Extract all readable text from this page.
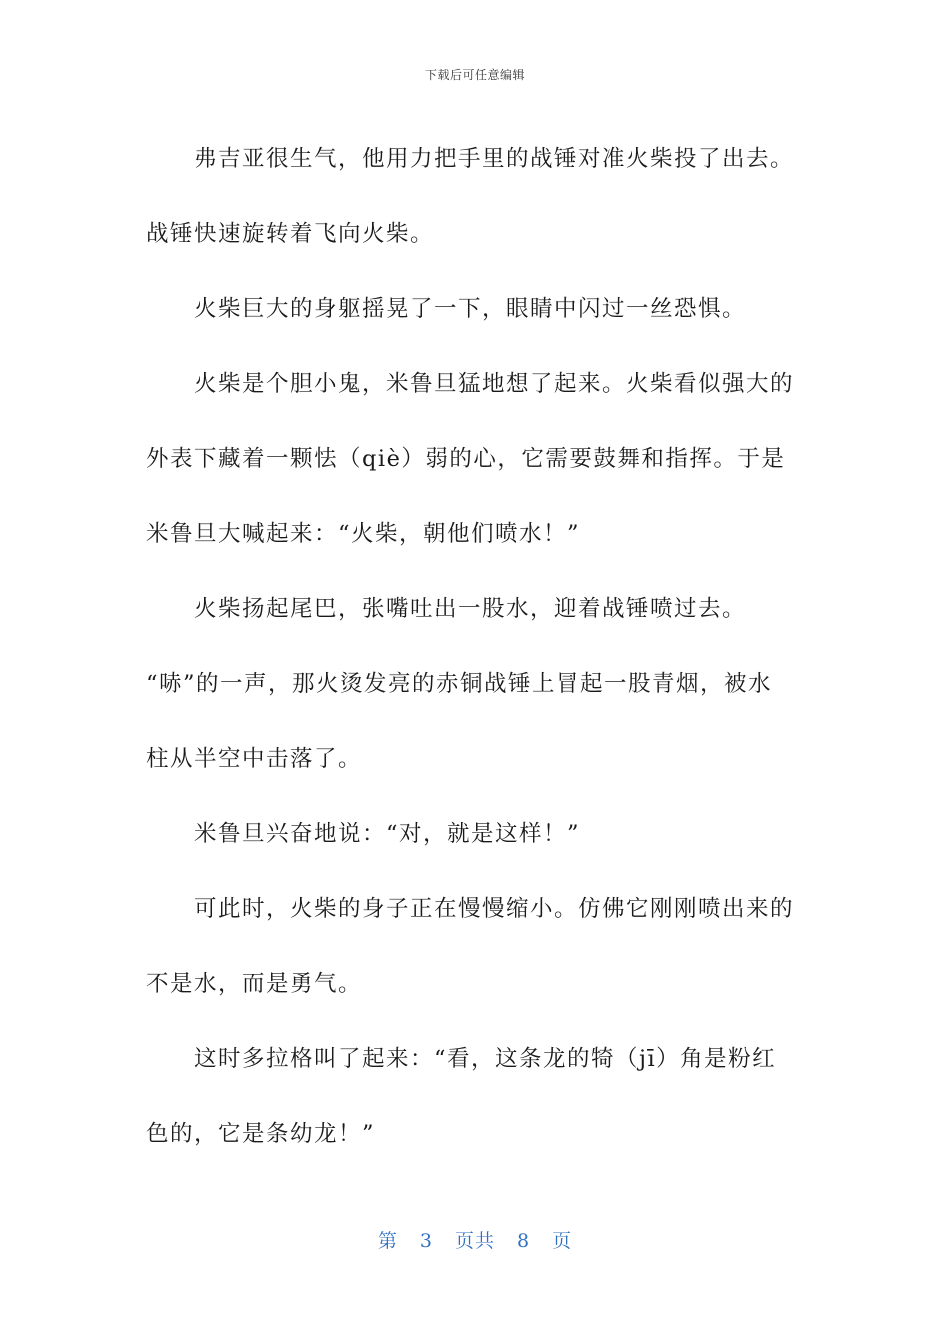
下载后可任意编辑
弗吉亚很生气，他用力把手里的战锤对准火柴投了出去。
战锤快速旋转着飞向火柴。
火柴巨大的身躯摇晃了一下，眼睛中闪过一丝恐惧。
火柴是个胆小鬼，米鲁旦猛地想了起来。火柴看似强大的
外表下藏着一颗怯（qiè）弱的心，它需要鼓舞和指挥。于是
米鲁旦大喊起来：“火柴，朝他们喷水！”
火柴扬起尾巴，张嘴吐出一股水，迎着战锤喷过去。
“哧”的一声，那火烫发亮的赤铜战锤上冒起一股青烟，被水
柱从半空中击落了。
米鲁旦兴奋地说：“对，就是这样！”
可此时，火柴的身子正在慢慢缩小。仿佛它刚刚喷出来的
不是水，而是勇气。
这时多拉格叫了起来：“看，这条龙的犄（jī）角是粉红
色的，它是条幼龙！”
第 3 页共 8 页
